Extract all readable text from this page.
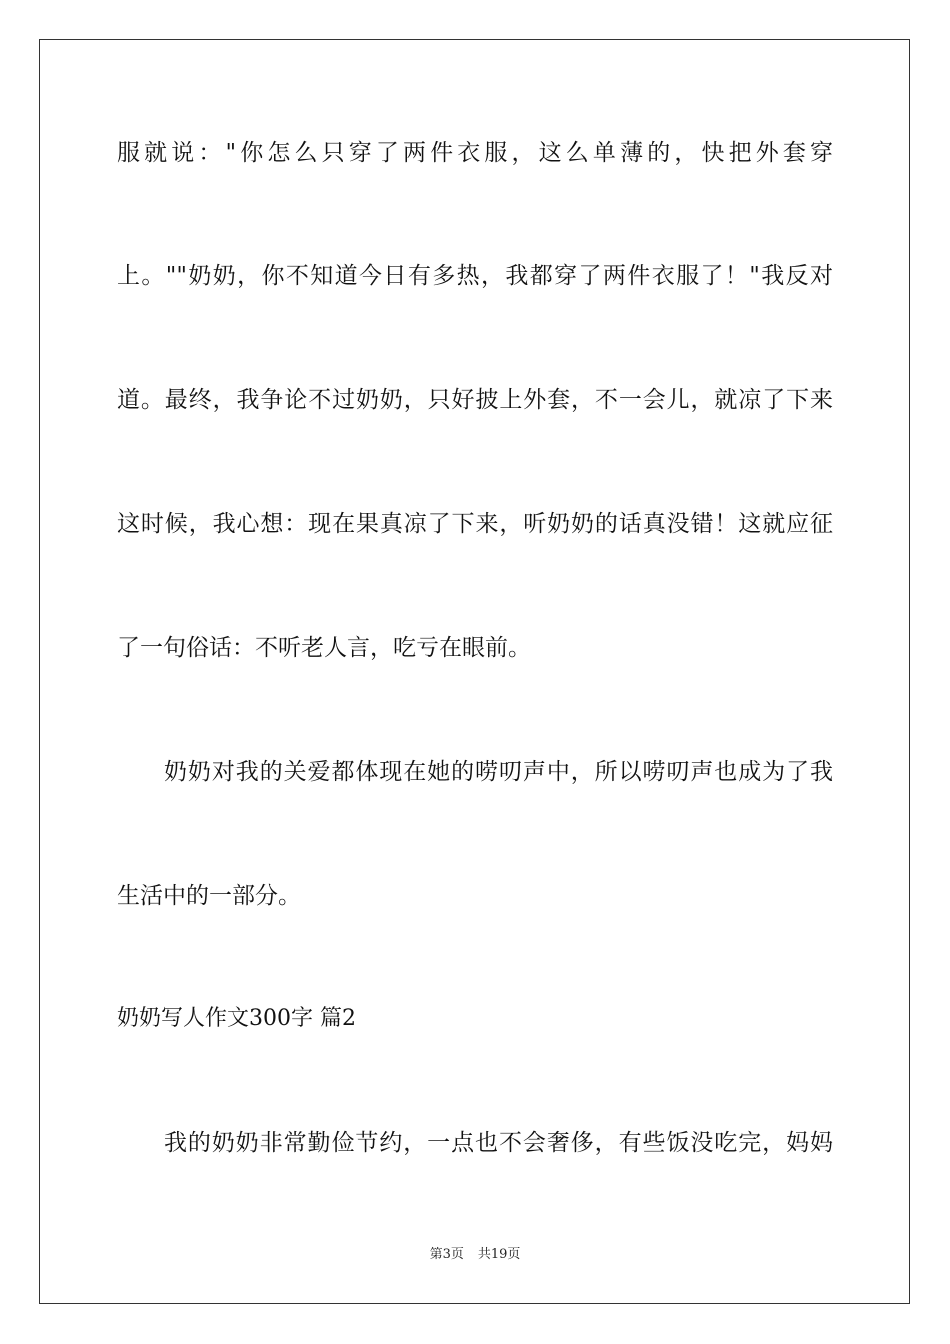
服就说："你怎么只穿了两件衣服，这么单薄的，快把外套穿
上。""奶奶，你不知道今日有多热，我都穿了两件衣服了！"我反对
道。最终，我争论不过奶奶，只好披上外套，不一会儿，就凉了下来
这时候，我心想：现在果真凉了下来，听奶奶的话真没错！这就应征
了一句俗话：不听老人言，吃亏在眼前。
奶奶对我的关爱都体现在她的唠叨声中，所以唠叨声也成为了我
生活中的一部分。
奶奶写人作文300字 篇2
我的奶奶非常勤俭节约，一点也不会奢侈，有些饭没吃完，妈妈
第3页 共19页
